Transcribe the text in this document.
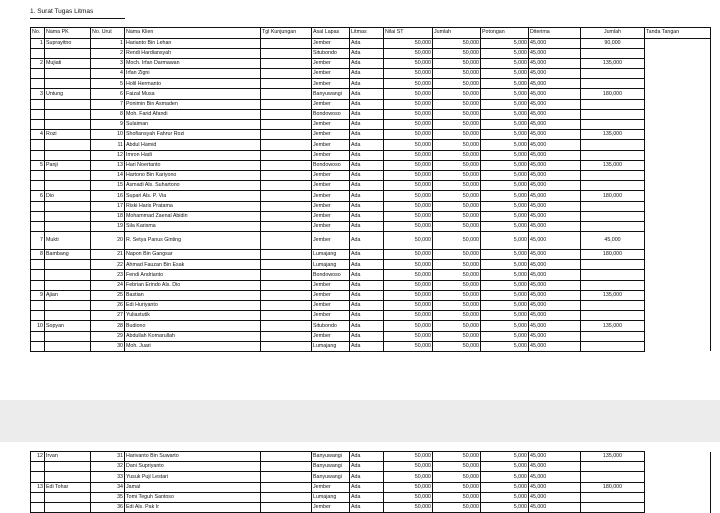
1. Surat Tugas Litmas
No.	Nama PK	No. Urut	Nama Klien	Tgl Kunjungan	Asal Lapas	Litmas	Nilai ST	Jumlah	Potongan	Diterima	Jumlah	Tanda Tangan
1	Suprayitno	1	Harianto Bin Lehan		Jember	Ada	50,000	50,000	5,000	45,000	90,000	
		2	Rendi Hardiansyah		Situbondo	Ada	50,000	50,000	5,000	45,000		
2	Mujiati	3	Moch. Irfan Darmawan		Jember	Ada	50,000	50,000	5,000	45,000	135,000	
		4	Irfan Zigni		Jember	Ada	50,000	50,000	5,000	45,000		
		5	Holil Hermanto		Jember	Ada	50,000	50,000	5,000	45,000		
3	Untung	6	Faizal Musa		Banyuwangi	Ada	50,000	50,000	5,000	45,000	180,000	
		7	Ponimin Bin Asmaden		Jember	Ada	50,000	50,000	5,000	45,000		
		8	Moh. Farid Afandi		Bondowoso	Ada	50,000	50,000	5,000	45,000		
		9	Sulaiman		Jember	Ada	50,000	50,000	5,000	45,000		
4	Rozi	10	Shofiansyah Fahrur Rozi		Jember	Ada	50,000	50,000	5,000	45,000	135,000	
		11	Abdul Hamid		Jember	Ada	50,000	50,000	5,000	45,000		
		12	Imron Hadi		Jember	Ada	50,000	50,000	5,000	45,000		
5	Panji	13	Hari Noertanto		Bondowoso	Ada	50,000	50,000	5,000	45,000	135,000	
		14	Hartono Bin Kariyono		Jember	Ada	50,000	50,000	5,000	45,000		
		15	Asmadi Als. Suhartono		Jember	Ada	50,000	50,000	5,000	45,000		
6	Dio	16	Supari Als. P. Via		Jember	Ada	50,000	50,000	5,000	45,000	180,000	
		17	Riski Haris Pratama		Jember	Ada	50,000	50,000	5,000	45,000		
		18	Mohammad Zaenal Abidin		Jember	Ada	50,000	50,000	5,000	45,000		
		19	Sila Karisma		Jember	Ada	50,000	50,000	5,000	45,000		
7	Mukti	20	R. Setya Panus Ginting		Jember	Ada	50,000	50,000	5,000	45,000	45,000	
8	Bambang	21	Napon Bin Gangsar		Lumajang	Ada	50,000	50,000	5,000	45,000	180,000	
		22	Ahmad Fauzan Bin Esak		Lumajang	Ada	50,000	50,000	5,000	45,000		
		23	Fendi Andrianto		Bondowoso	Ada	50,000	50,000	5,000	45,000		
		24	Febrian Erindo Als. Dio		Jember	Ada	50,000	50,000	5,000	45,000		
9	Ajian	25	Bastian		Jember	Ada	50,000	50,000	5,000	45,000	135,000	
		26	Edi Huriyanto		Jember	Ada	50,000	50,000	5,000	45,000		
		27	Yuliastutik		Jember	Ada	50,000	50,000	5,000	45,000		
10	Sopyan	28	Budiono		Situbondo	Ada	50,000	50,000	5,000	45,000	135,000	
		29	Abdullah Komarullah		Jember	Ada	50,000	50,000	5,000	45,000		
		30	Moh. Juari		Lumajang	Ada	50,000	50,000	5,000	45,000		
12	Irvan	31	Harivanto Bin Suwarto		Banyuwangi	Ada	50,000	50,000	5,000	45,000	135,000	
		32	Dani Supriyanto		Banyuwangi	Ada	50,000	50,000	5,000	45,000		
		33	Yusuk Puji Lestari		Banyuwangi	Ada	50,000	50,000	5,000	45,000		
13	Edi Tohar	34	Jamal		Jember	Ada	50,000	50,000	5,000	45,000	180,000	
		35	Tomi Teguh Santoso		Lumajang	Ada	50,000	50,000	5,000	45,000		
		36	Edi Als. Pak Ir		Jember	Ada	50,000	50,000	5,000	45,000		
